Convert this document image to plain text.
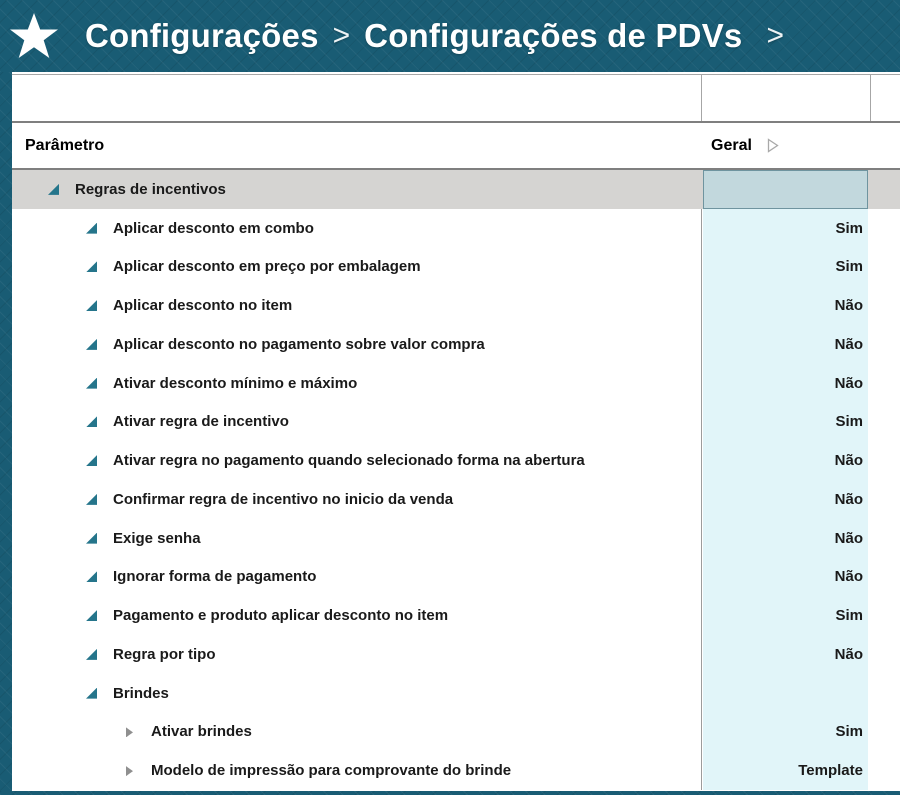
Configurações > Configurações de PDVs >
Parâmetro	Geral
Regras de incentivos
Aplicar desconto em combo	Sim
Aplicar desconto em preço por embalagem	Sim
Aplicar desconto no item	Não
Aplicar desconto no pagamento sobre valor compra	Não
Ativar desconto mínimo e máximo	Não
Ativar regra de incentivo	Sim
Ativar regra no pagamento quando selecionado forma na abertura	Não
Confirmar regra de incentivo no inicio da venda	Não
Exige senha	Não
Ignorar forma de pagamento	Não
Pagamento e produto aplicar desconto no item	Sim
Regra por tipo	Não
Brindes
Ativar brindes	Sim
Modelo de impressão para comprovante do brinde	Template
